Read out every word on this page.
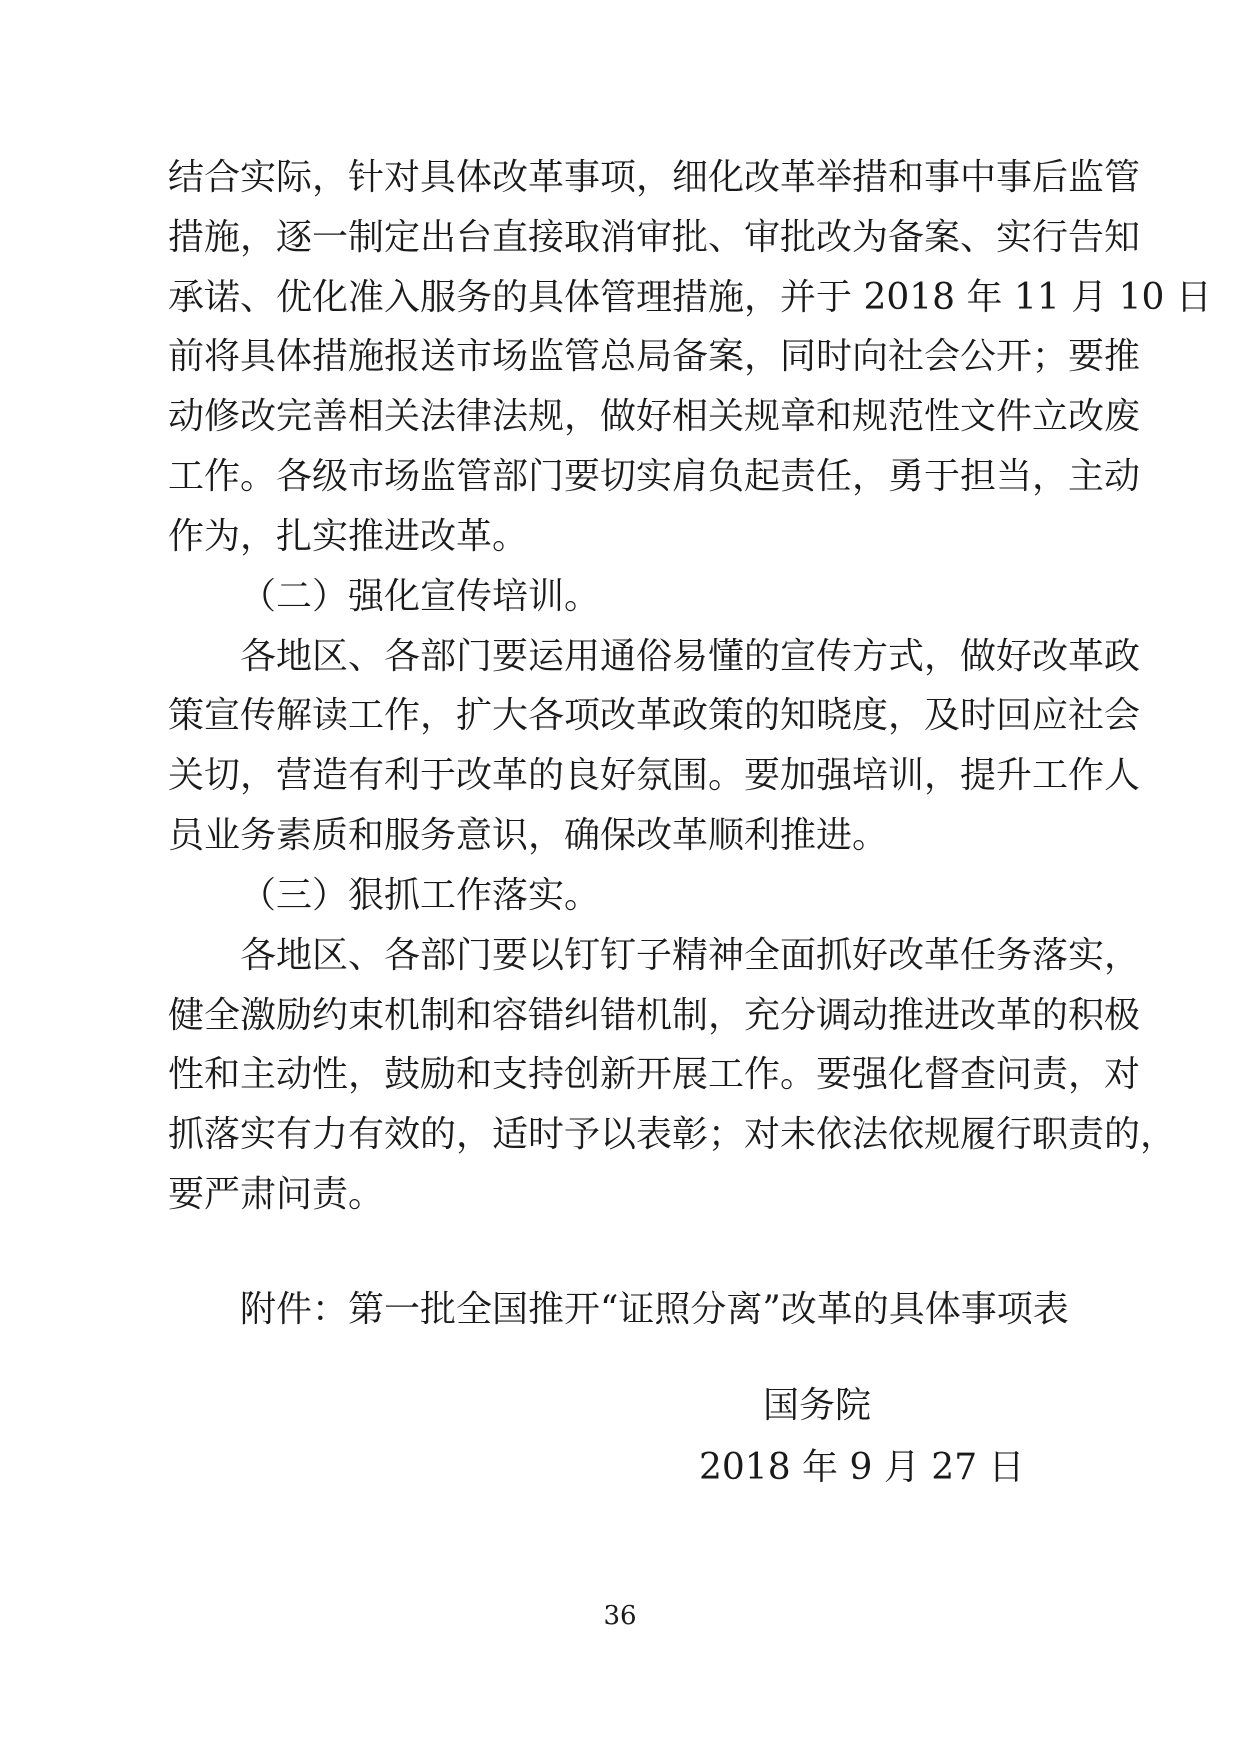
结合实际，针对具体改革事项，细化改革举措和事中事后监管
措施，逐一制定出台直接取消审批、审批改为备案、实行告知
承诺、优化准入服务的具体管理措施，并于 2018 年 11 月 10 日
前将具体措施报送市场监管总局备案，同时向社会公开；要推
动修改完善相关法律法规，做好相关规章和规范性文件立改废
工作。各级市场监管部门要切实肩负起责任，勇于担当，主动
作为，扎实推进改革。
（二）强化宣传培训。
各地区、各部门要运用通俗易懂的宣传方式，做好改革政
策宣传解读工作，扩大各项改革政策的知晓度，及时回应社会
关切，营造有利于改革的良好氛围。要加强培训，提升工作人
员业务素质和服务意识，确保改革顺利推进。
（三）狠抓工作落实。
各地区、各部门要以钉钉子精神全面抓好改革任务落实，
健全激励约束机制和容错纠错机制，充分调动推进改革的积极
性和主动性，鼓励和支持创新开展工作。要强化督查问责，对
抓落实有力有效的，适时予以表彰；对未依法依规履行职责的，
要严肃问责。
附件：第一批全国推开“证照分离”改革的具体事项表
国务院
2018 年 9 月 27 日
36
